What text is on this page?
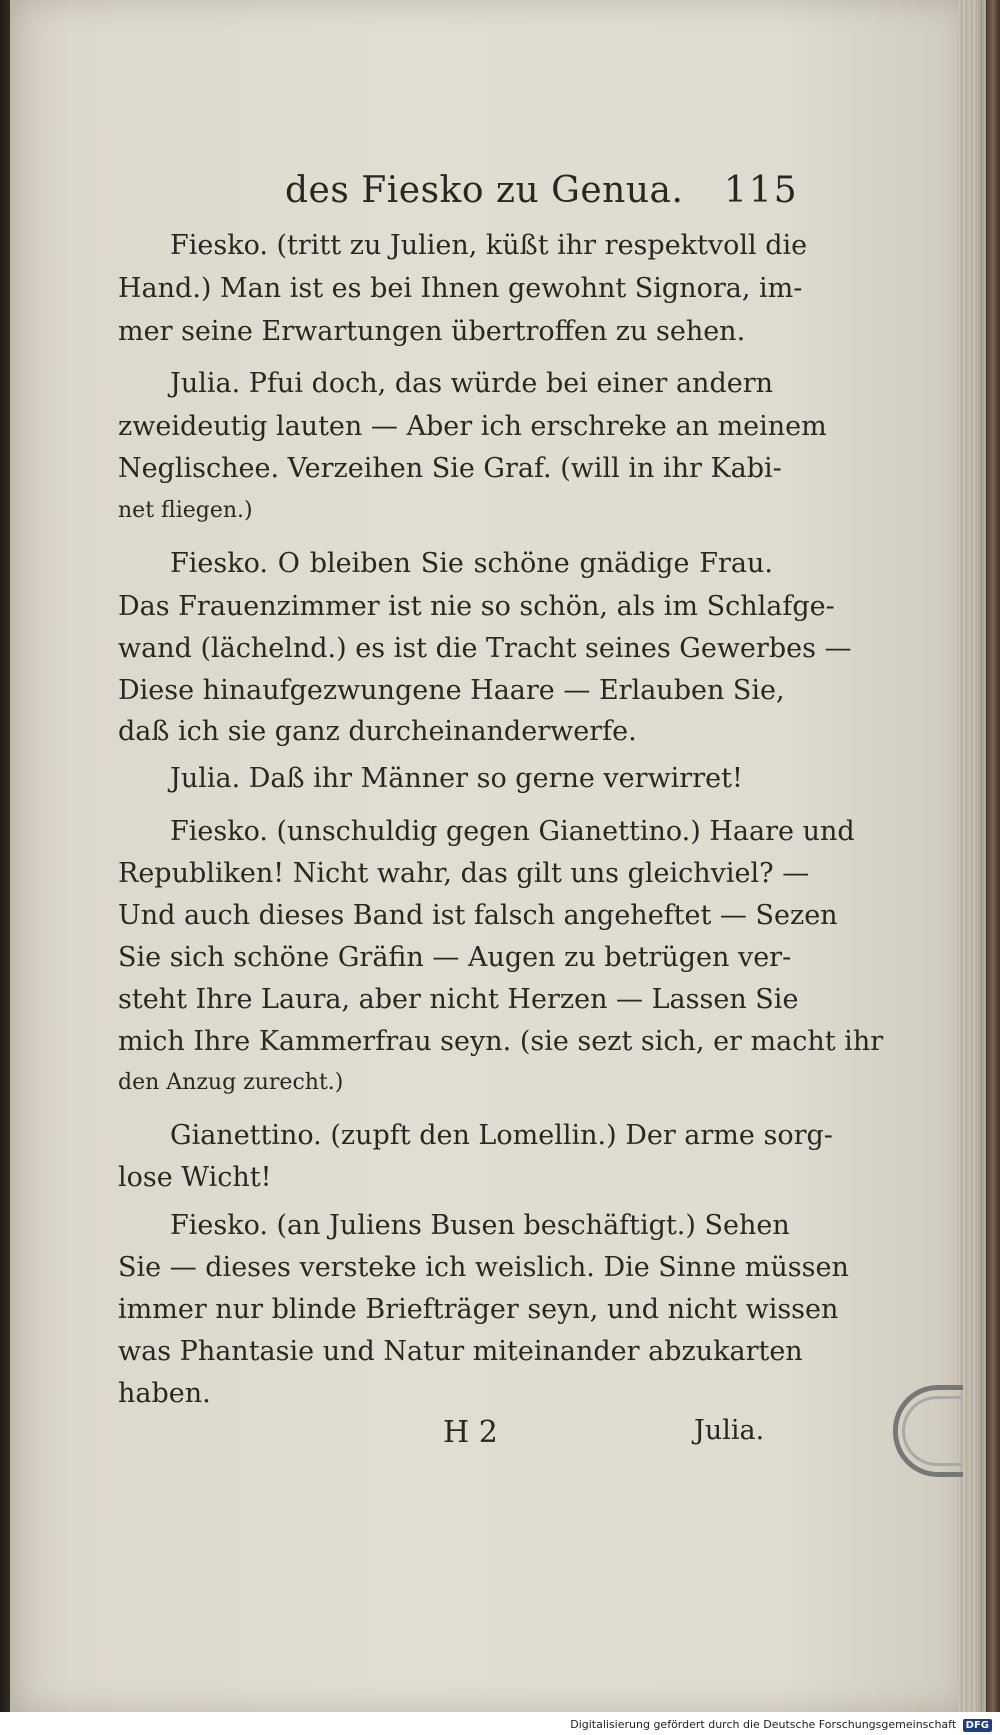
des Fiesko zu Genua. 115
Fiesko. (tritt zu Julien, küßt ihr respektvoll die
Hand.) Man ist es bei Ihnen gewohnt Signora, im-
mer seine Erwartungen übertroffen zu sehen.
Julia. Pfui doch, das würde bei einer andern
zweideutig lauten — Aber ich erschreke an meinem
Neglischee. Verzeihen Sie Graf. (will in ihr Kabi-
net fliegen.)
Fiesko. O bleiben Sie schöne gnädige Frau.
Das Frauenzimmer ist nie so schön, als im Schlafge-
wand (lächelnd.) es ist die Tracht seines Gewerbes —
Diese hinaufgezwungene Haare — Erlauben Sie,
daß ich sie ganz durcheinanderwerfe.
Julia. Daß ihr Männer so gerne verwirret!
Fiesko. (unschuldig gegen Gianettino.) Haare und
Republiken! Nicht wahr, das gilt uns gleichviel? —
Und auch dieses Band ist falsch angeheftet — Sezen
Sie sich schöne Gräfin — Augen zu betrügen ver-
steht Ihre Laura, aber nicht Herzen — Lassen Sie
mich Ihre Kammerfrau seyn. (sie sezt sich, er macht ihr
den Anzug zurecht.)
Gianettino. (zupft den Lomellin.) Der arme sorg-
lose Wicht!
Fiesko. (an Juliens Busen beschäftigt.) Sehen
Sie — dieses versteke ich weislich. Die Sinne müssen
immer nur blinde Briefträger seyn, und nicht wissen
was Phantasie und Natur miteinander abzukarten
haben.
H 2	Julia.
Digitalisierung gefördert durch die Deutsche Forschungsgemeinschaft DFG
